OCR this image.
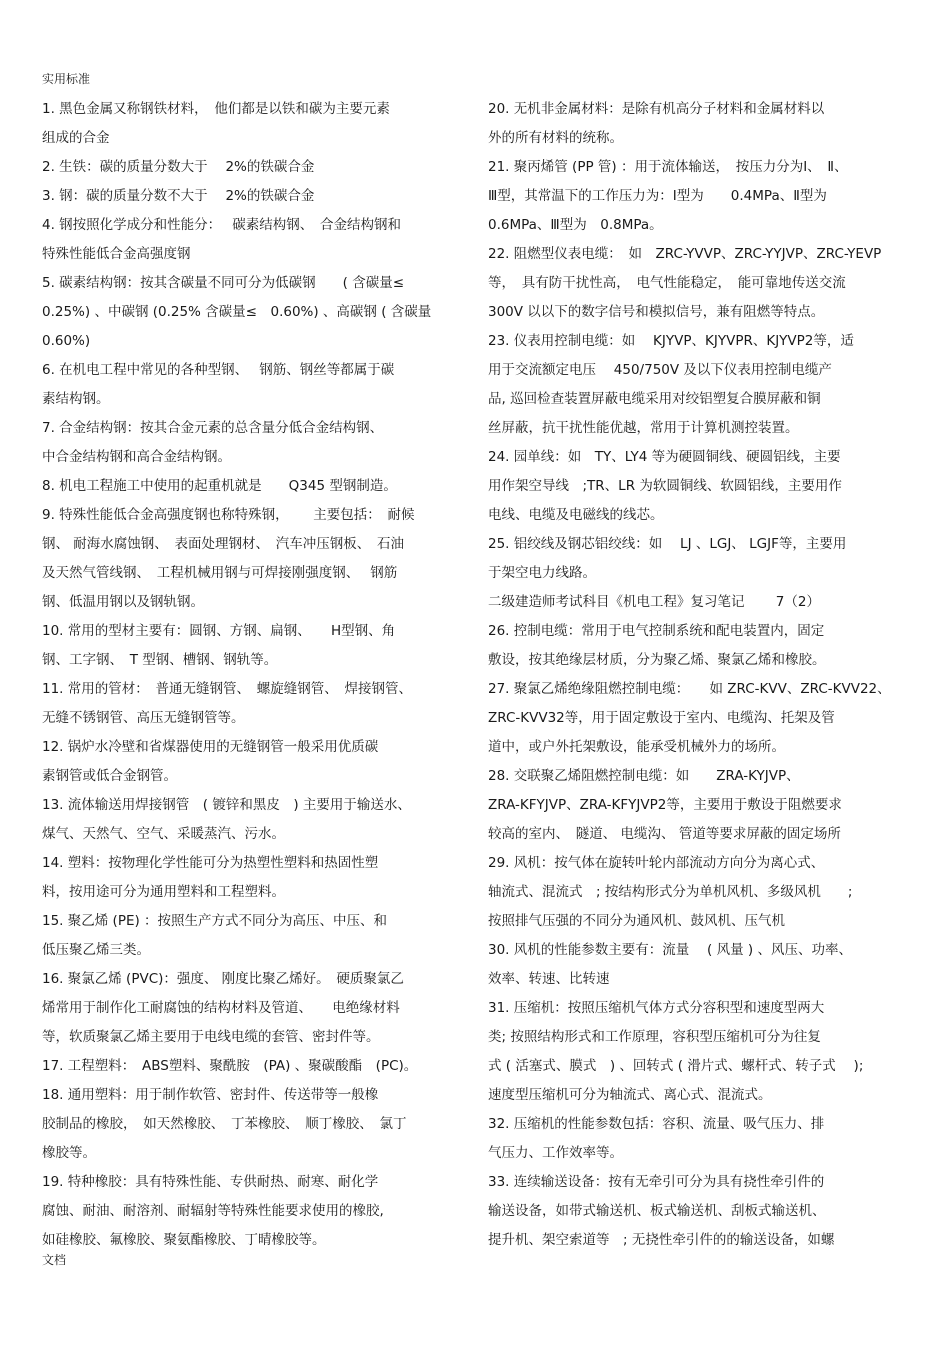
实用标准
1. 黑色金属又称钢铁材料，　他们都是以铁和碳为主要元素
组成的合金
2. 生铁：碳的质量分数大于　 2%的铁碳合金
3. 钢：碳的质量分数不大于　 2%的铁碳合金
4. 钢按照化学成分和性能分：　 碳素结构钢、　合金结构钢和
特殊性能低合金高强度钢
5. 碳素结构钢：按其含碳量不同可分为低碳钢　　( 含碳量≤
0.25%) 、中碳钢 (0.25% 含碳量≤　0.60%) 、高碳钢 ( 含碳量
0.60%)
6. 在机电工程中常见的各种型钢、　 钢筋、钢丝等都属于碳
素结构钢。
7. 合金结构钢：按其合金元素的总含量分低合金结构钢、
中合金结构钢和高合金结构钢。
8. 机电工程施工中使用的起重机就是　　Q345 型钢制造。
9. 特殊性能低合金高强度钢也称特殊钢，　　 主要包括：　耐候
钢、 耐海水腐蚀钢、　表面处理钢材、　汽车冲压钢板、　石油
及天然气管线钢、　工程机械用钢与可焊接刚强度钢、　 钢筋
钢、低温用钢以及钢轨钢。
10. 常用的型材主要有：圆钢、方钢、扁钢、　　H型钢、角
钢、工字钢、　T 型钢、槽钢、钢轨等。
11. 常用的管材：　普通无缝钢管、　螺旋缝钢管、　焊接钢管、
无缝不锈钢管、高压无缝钢管等。
12. 锅炉水冷壁和省煤器使用的无缝钢管一般采用优质碳
素钢管或低合金钢管。
13. 流体输送用焊接钢管　( 镀锌和黑皮　) 主要用于输送水、
煤气、天然气、空气、采暖蒸汽、污水。
14. 塑料：按物理化学性能可分为热塑性塑料和热固性塑
料，按用途可分为通用塑料和工程塑料。
15. 聚乙烯 (PE) ：按照生产方式不同分为高压、中压、和
低压聚乙烯三类。
16. 聚氯乙烯 (PVC)：强度、 刚度比聚乙烯好。　硬质聚氯乙
烯常用于制作化工耐腐蚀的结构材料及管道、　　电绝缘材料
等，软质聚氯乙烯主要用于电线电缆的套管、密封件等。
17. 工程塑料：　ABS塑料、聚酰胺　(PA) 、聚碳酸酯　(PC)。
18. 通用塑料：用于制作软管、密封件、传送带等一般橡
胶制品的橡胶，　如天然橡胶、　丁苯橡胶、　顺丁橡胶、　氯丁
橡胶等。
19. 特种橡胶：具有特殊性能、专供耐热、耐寒、耐化学
腐蚀、耐油、耐溶剂、耐辐射等特殊性能要求使用的橡胶,
如硅橡胶、氟橡胶、聚氨酯橡胶、丁晴橡胶等。
20. 无机非金属材料：是除有机高分子材料和金属材料以
外的所有材料的统称。
21. 聚丙烯管 (PP 管) ：用于流体输送，　按压力分为Ⅰ、　Ⅱ、
Ⅲ型，其常温下的工作压力为：Ⅰ型为　　0.4MPa、Ⅱ型为
0.6MPa、Ⅲ型为　0.8MPa。
22. 阻燃型仪表电缆：　如　ZRC-YVVP、ZRC-YYJVP、ZRC-YEVP
等，　具有防干扰性高，　电气性能稳定，　能可靠地传送交流
300V 以以下的数字信号和模拟信号，兼有阻燃等特点。
23. 仪表用控制电缆：如　 KJYVP、KJYVPR、KJYVP2等，适
用于交流额定电压　 450/750V 及以下仪表用控制电缆产
品, 巡回检查装置屏蔽电缆采用对绞铝塑复合膜屏蔽和铜
丝屏蔽，抗干扰性能优越，常用于计算机测控装置。
24. 园单线：如　TY、LY4 等为硬圆铜线、硬圆铝线，主要
用作架空导线　;TR、LR 为软圆铜线、软圆铝线，主要用作
电线、电缆及电磁线的线芯。
25. 铝绞线及钢芯铝绞线：如　 LJ 、LGJ、 LGJF等，主要用
于架空电力线路。
二级建造师考试科目《机电工程》复习笔记　　 7（2）
26. 控制电缆：常用于电气控制系统和配电装置内，固定
敷设，按其绝缘层材质，分为聚乙烯、聚氯乙烯和橡胶。
27. 聚氯乙烯绝缘阻燃控制电缆：　　如 ZRC-KVV、ZRC-KVV22、
ZRC-KVV32等，用于固定敷设于室内、电缆沟、托架及管
道中，或户外托架敷设，能承受机械外力的场所。
28. 交联聚乙烯阻燃控制电缆：如　　ZRA-KYJVP、
ZRA-KFYJVP、ZRA-KFYJVP2等，主要用于敷设于阻燃要求
较高的室内、　隧道、 电缆沟、 管道等要求屏蔽的固定场所
29. 风机：按气体在旋转叶轮内部流动方向分为离心式、
轴流式、混流式　; 按结构形式分为单机风机、多级风机　　;
按照排气压强的不同分为通风机、鼓风机、压气机
30. 风机的性能参数主要有：流量　 ( 风量 ) 、风压、功率、
效率、转速、比转速
31. 压缩机：按照压缩机气体方式分容积型和速度型两大
类; 按照结构形式和工作原理，容积型压缩机可分为往复
式 ( 活塞式、膜式　) 、回转式 ( 滑片式、螺杆式、转子式　 );
速度型压缩机可分为轴流式、离心式、混流式。
32. 压缩机的性能参数包括：容积、流量、吸气压力、排
气压力、工作效率等。
33. 连续输送设备：按有无牵引可分为具有挠性牵引件的
输送设备，如带式输送机、板式输送机、刮板式输送机、
提升机、架空索道等　; 无挠性牵引件的的输送设备，如螺
文档
